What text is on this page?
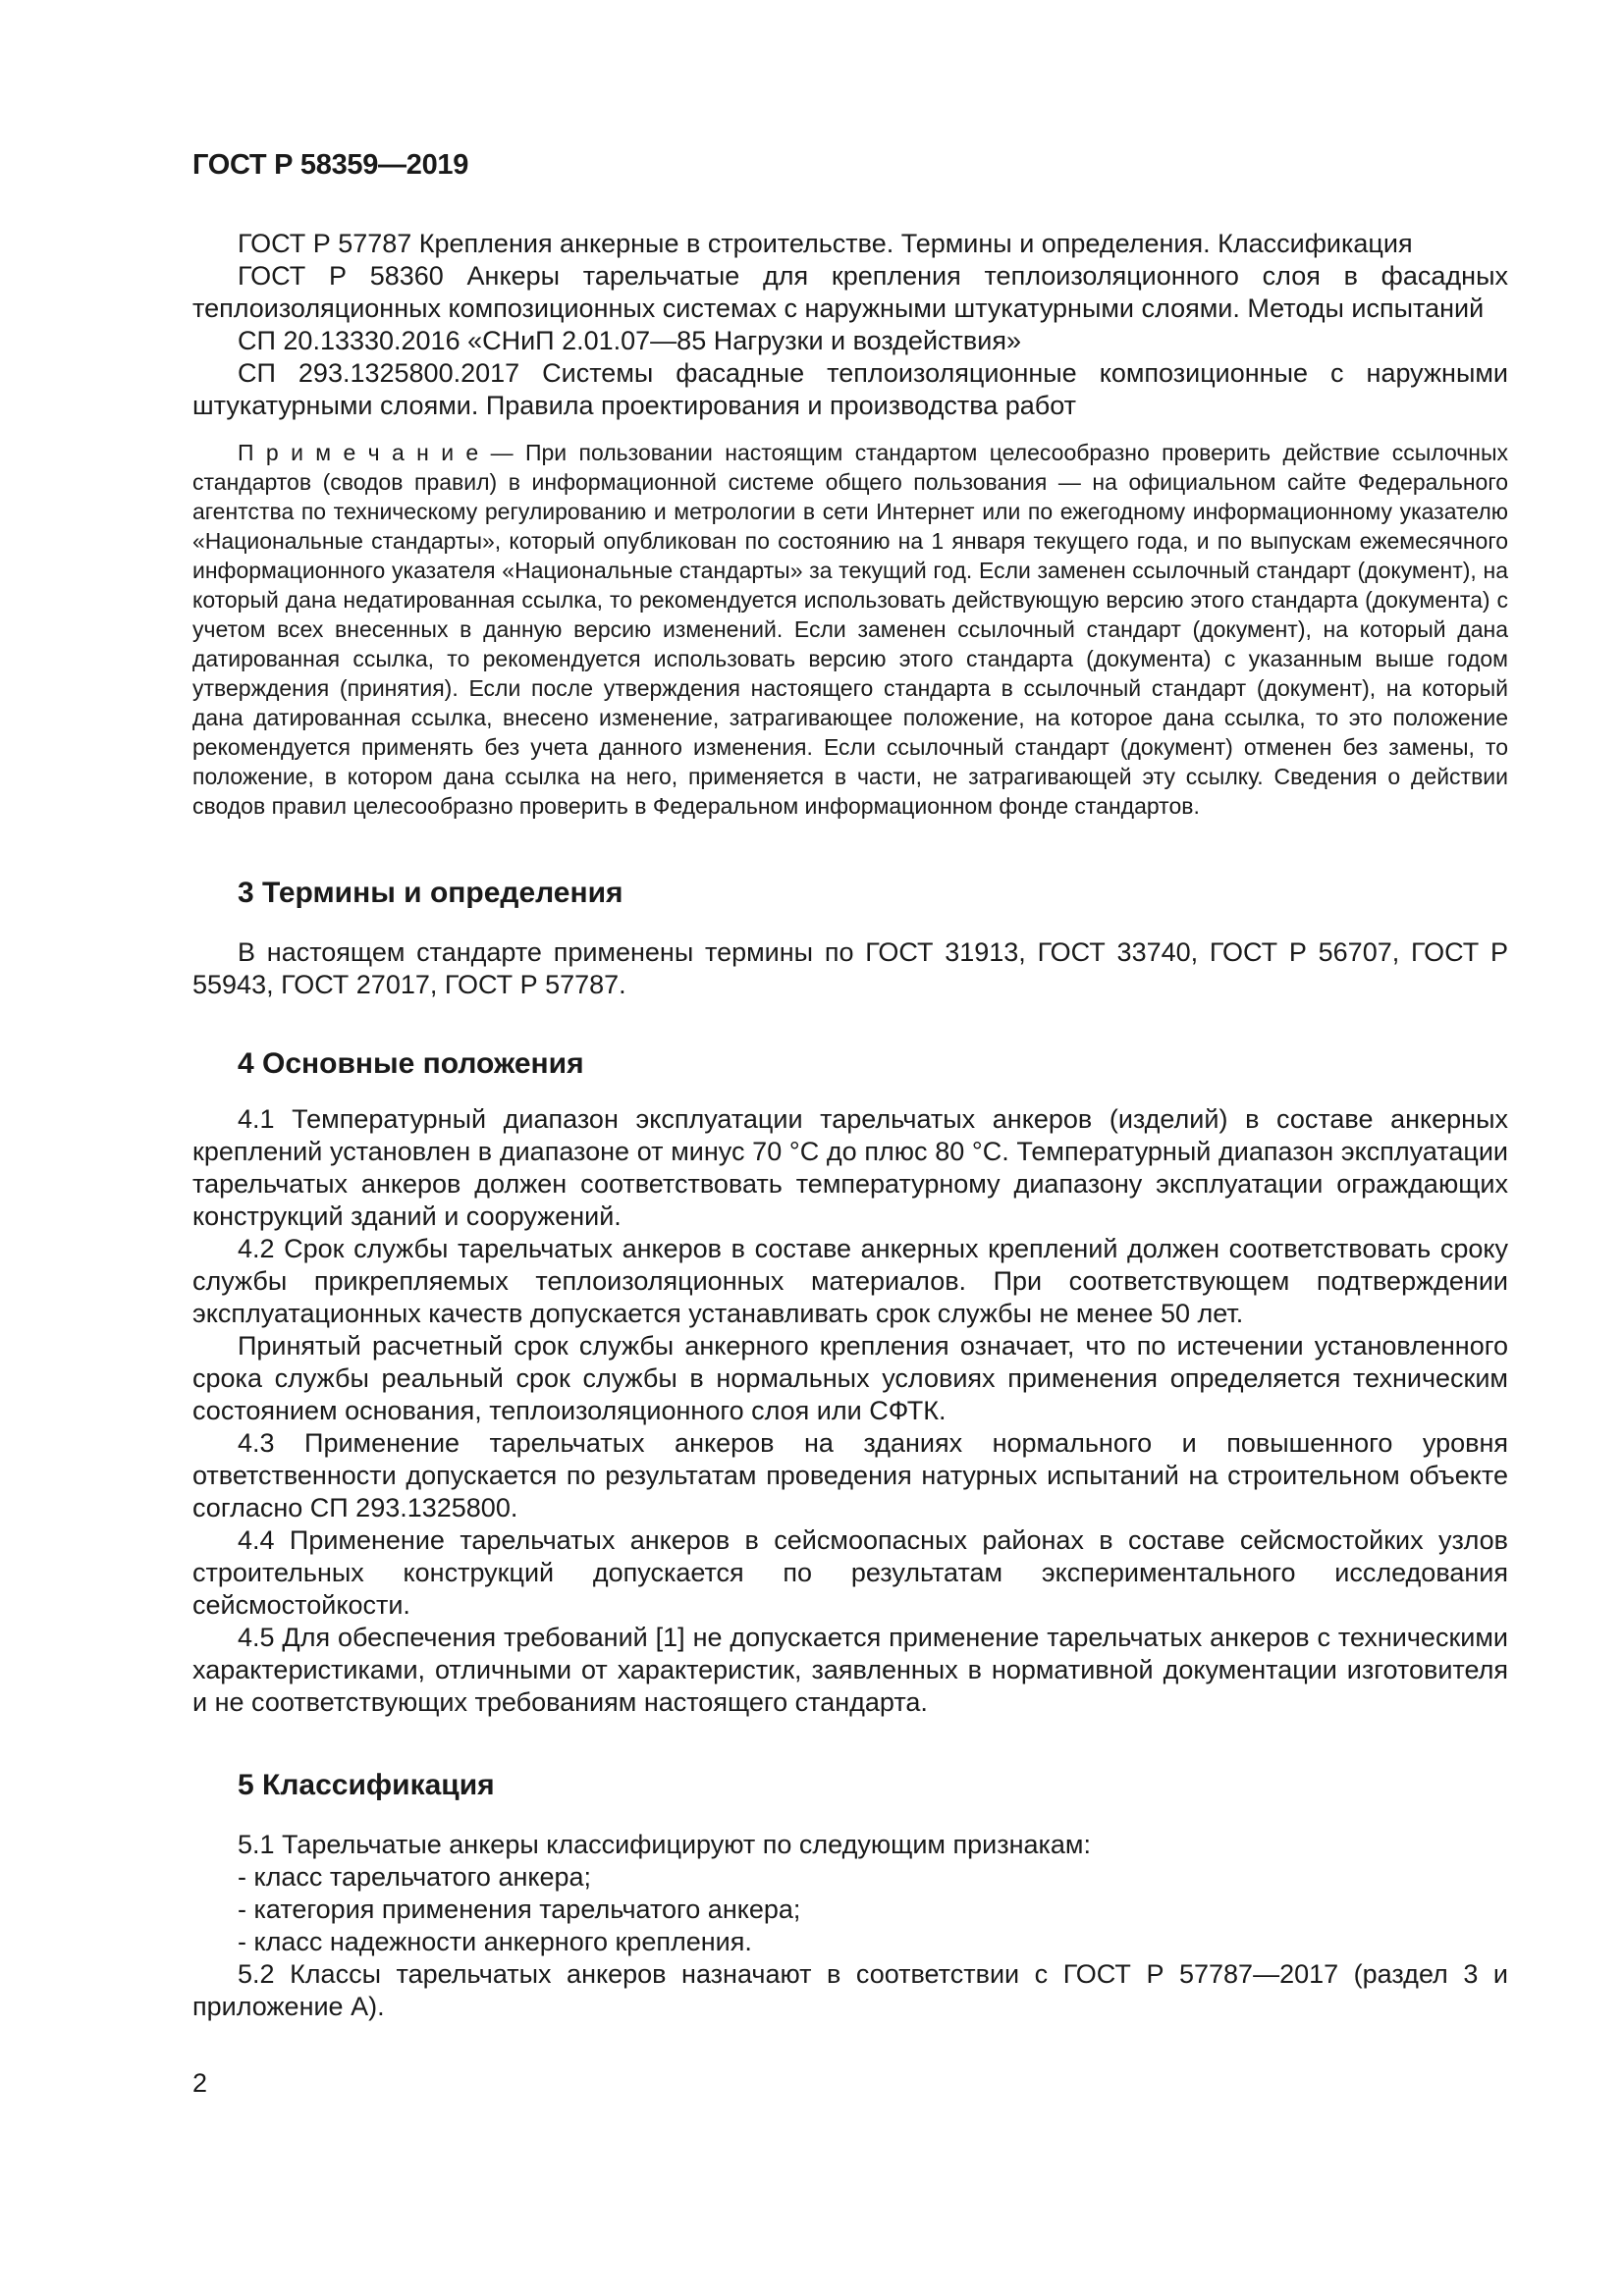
ГОСТ Р 58359—2019

ГОСТ Р 57787 Крепления анкерные в строительстве. Термины и определения. Классификация

ГОСТ Р 58360 Анкеры тарельчатые для крепления теплоизоляционного слоя в фасадных теплоизоляционных композиционных системах с наружными штукатурными слоями. Методы испытаний

СП 20.13330.2016 «СНиП 2.01.07—85 Нагрузки и воздействия»

СП 293.1325800.2017 Системы фасадные теплоизоляционные композиционные с наружными штукатурными слоями. Правила проектирования и производства работ

П р и м е ч а н и е — При пользовании настоящим стандартом целесообразно проверить действие ссылочных стандартов (сводов правил) в информационной системе общего пользования — на официальном сайте Федерального агентства по техническому регулированию и метрологии в сети Интернет или по ежегодному информационному указателю «Национальные стандарты», который опубликован по состоянию на 1 января текущего года, и по выпускам ежемесячного информационного указателя «Национальные стандарты» за текущий год. Если заменен ссылочный стандарт (документ), на который дана недатированная ссылка, то рекомендуется использовать действующую версию этого стандарта (документа) с учетом всех внесенных в данную версию изменений. Если заменен ссылочный стандарт (документ), на который дана датированная ссылка, то рекомендуется использовать версию этого стандарта (документа) с указанным выше годом утверждения (принятия). Если после утверждения настоящего стандарта в ссылочный стандарт (документ), на который дана датированная ссылка, внесено изменение, затрагивающее положение, на которое дана ссылка, то это положение рекомендуется применять без учета данного изменения. Если ссылочный стандарт (документ) отменен без замены, то положение, в котором дана ссылка на него, применяется в части, не затрагивающей эту ссылку. Сведения о действии сводов правил целесообразно проверить в Федеральном информационном фонде стандартов.

3 Термины и определения

В настоящем стандарте применены термины по ГОСТ 31913, ГОСТ 33740, ГОСТ Р 56707, ГОСТ Р 55943, ГОСТ 27017, ГОСТ Р 57787.

4 Основные положения

4.1 Температурный диапазон эксплуатации тарельчатых анкеров (изделий) в составе анкерных креплений установлен в диапазоне от минус 70 °С до плюс 80 °С. Температурный диапазон эксплуатации тарельчатых анкеров должен соответствовать температурному диапазону эксплуатации ограждающих конструкций зданий и сооружений.

4.2 Срок службы тарельчатых анкеров в составе анкерных креплений должен соответствовать сроку службы прикрепляемых теплоизоляционных материалов. При соответствующем подтверждении эксплуатационных качеств допускается устанавливать срок службы не менее 50 лет.

Принятый расчетный срок службы анкерного крепления означает, что по истечении установленного срока службы реальный срок службы в нормальных условиях применения определяется техническим состоянием основания, теплоизоляционного слоя или СФТК.

4.3 Применение тарельчатых анкеров на зданиях нормального и повышенного уровня ответственности допускается по результатам проведения натурных испытаний на строительном объекте согласно СП 293.1325800.

4.4 Применение тарельчатых анкеров в сейсмоопасных районах в составе сейсмостойких узлов строительных конструкций допускается по результатам экспериментального исследования сейсмостойкости.

4.5 Для обеспечения требований [1] не допускается применение тарельчатых анкеров с техническими характеристиками, отличными от характеристик, заявленных в нормативной документации изготовителя и не соответствующих требованиям настоящего стандарта.

5 Классификация

5.1 Тарельчатые анкеры классифицируют по следующим признакам:

- класс тарельчатого анкера;

- категория применения тарельчатого анкера;

- класс надежности анкерного крепления.

5.2 Классы тарельчатых анкеров назначают в соответствии с ГОСТ Р 57787—2017 (раздел 3 и приложение А).

2
